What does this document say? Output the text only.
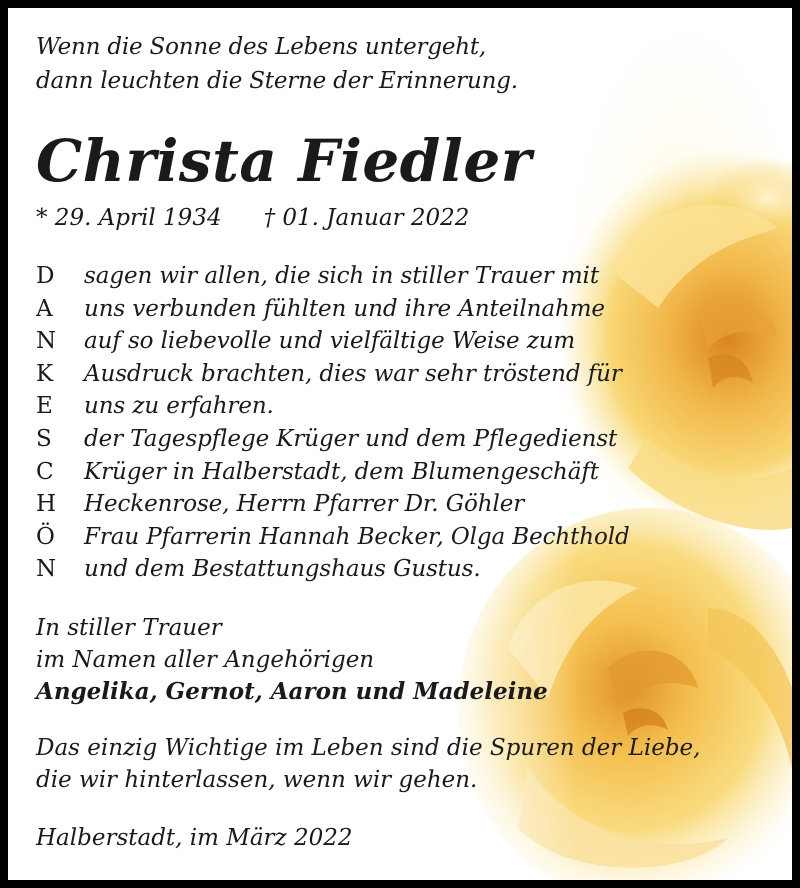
Wenn die Sonne des Lebens untergeht,
dann leuchten die Sterne der Erinnerung.
Christa Fiedler
* 29. April 1934 † 01. Januar 2022
D	sagen wir allen, die sich in stiller Trauer mit
A	uns verbunden fühlten und ihre Anteilnahme
N	auf so liebevolle und vielfältige Weise zum
K	Ausdruck brachten, dies war sehr tröstend für
E	uns zu erfahren.
S	der Tagespflege Krüger und dem Pflegedienst
C	Krüger in Halberstadt, dem Blumengeschäft
H	Heckenrose, Herrn Pfarrer Dr. Göhler
Ö	Frau Pfarrerin Hannah Becker, Olga Bechthold
N	und dem Bestattungshaus Gustus.
In stiller Trauer
im Namen aller Angehörigen
Angelika, Gernot, Aaron und Madeleine
Das einzig Wichtige im Leben sind die Spuren der Liebe,
die wir hinterlassen, wenn wir gehen.
Halberstadt, im März 2022
